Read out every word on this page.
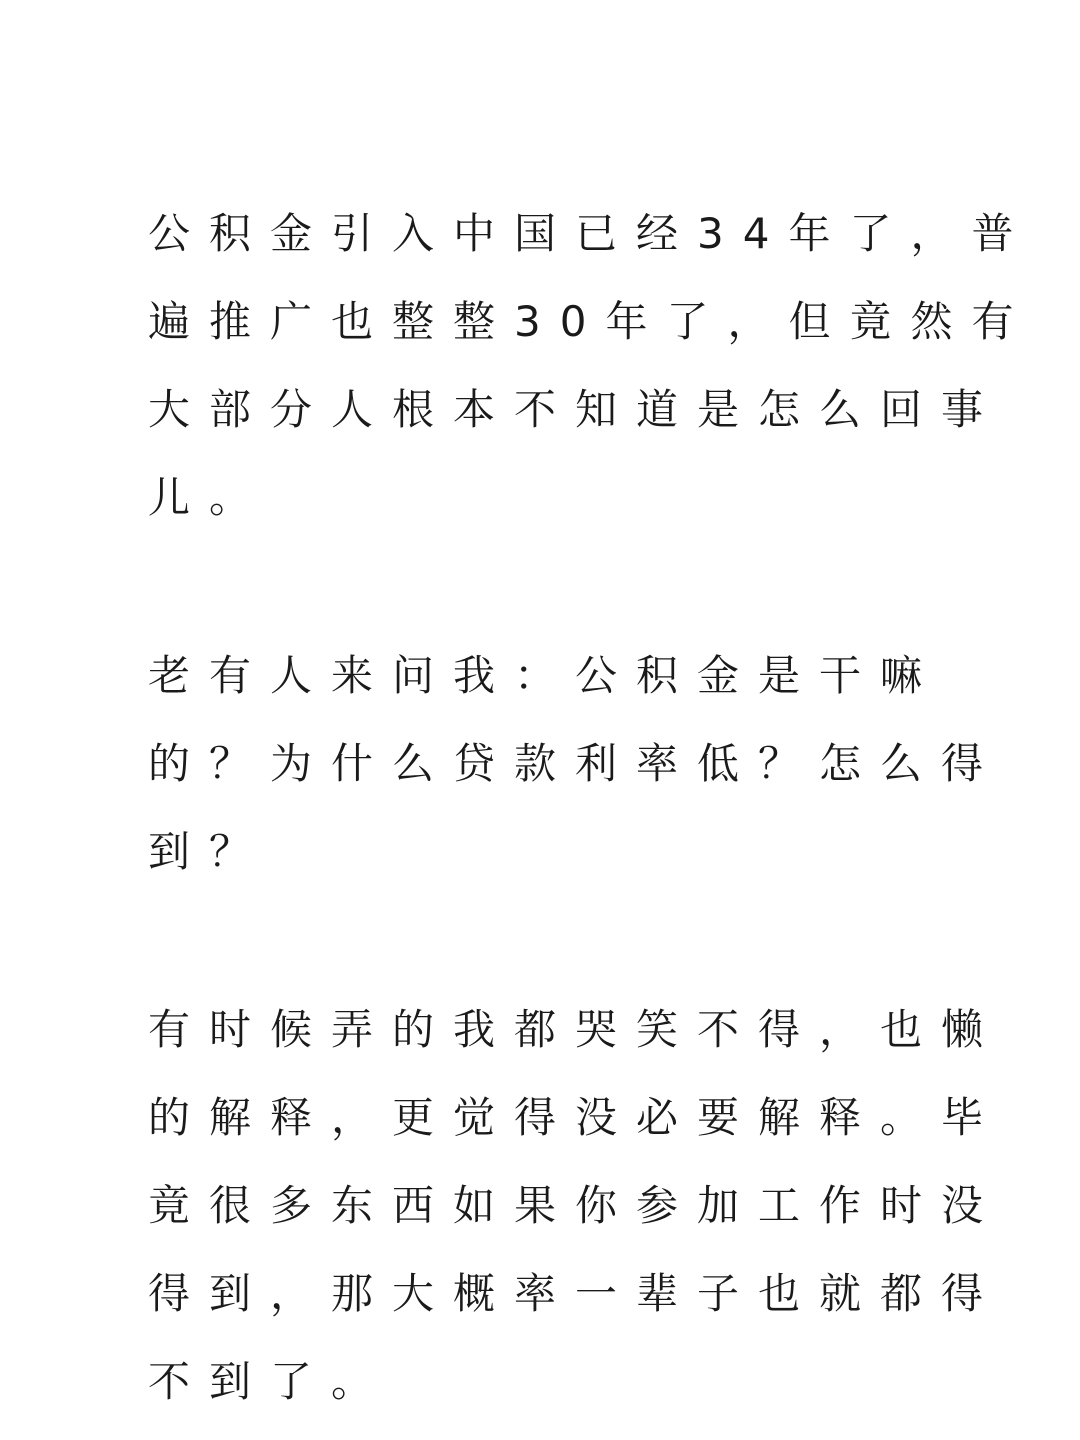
公积金引入中国已经34年了，普
遍推广也整整30年了，但竟然有
大部分人根本不知道是怎么回事
儿。

老有人来问我：公积金是干嘛
的？为什么贷款利率低？怎么得
到？

有时候弄的我都哭笑不得，也懒
的解释，更觉得没必要解释。毕
竟很多东西如果你参加工作时没
得到，那大概率一辈子也就都得
不到了。
